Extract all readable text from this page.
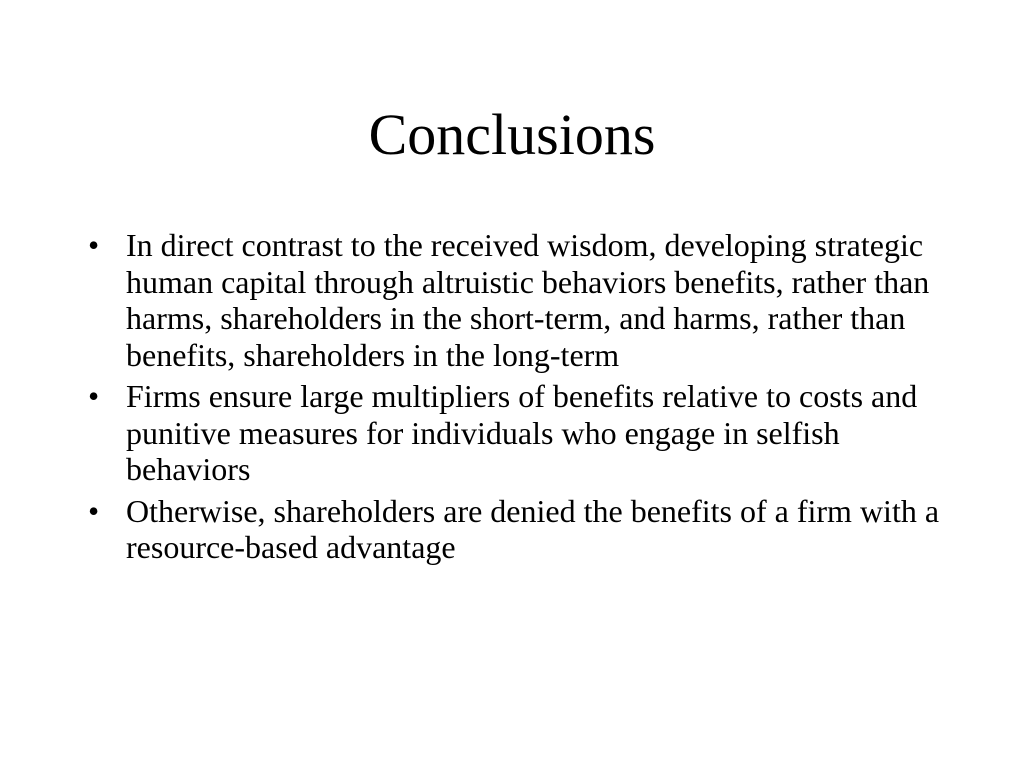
Conclusions
• In direct contrast to the received wisdom, developing strategic human capital through altruistic behaviors benefits, rather than harms, shareholders in the short-term, and harms, rather than benefits, shareholders in the long-term
• Firms ensure large multipliers of benefits relative to costs and punitive measures for individuals who engage in selfish behaviors
• Otherwise, shareholders are denied the benefits of a firm with a resource-based advantage
